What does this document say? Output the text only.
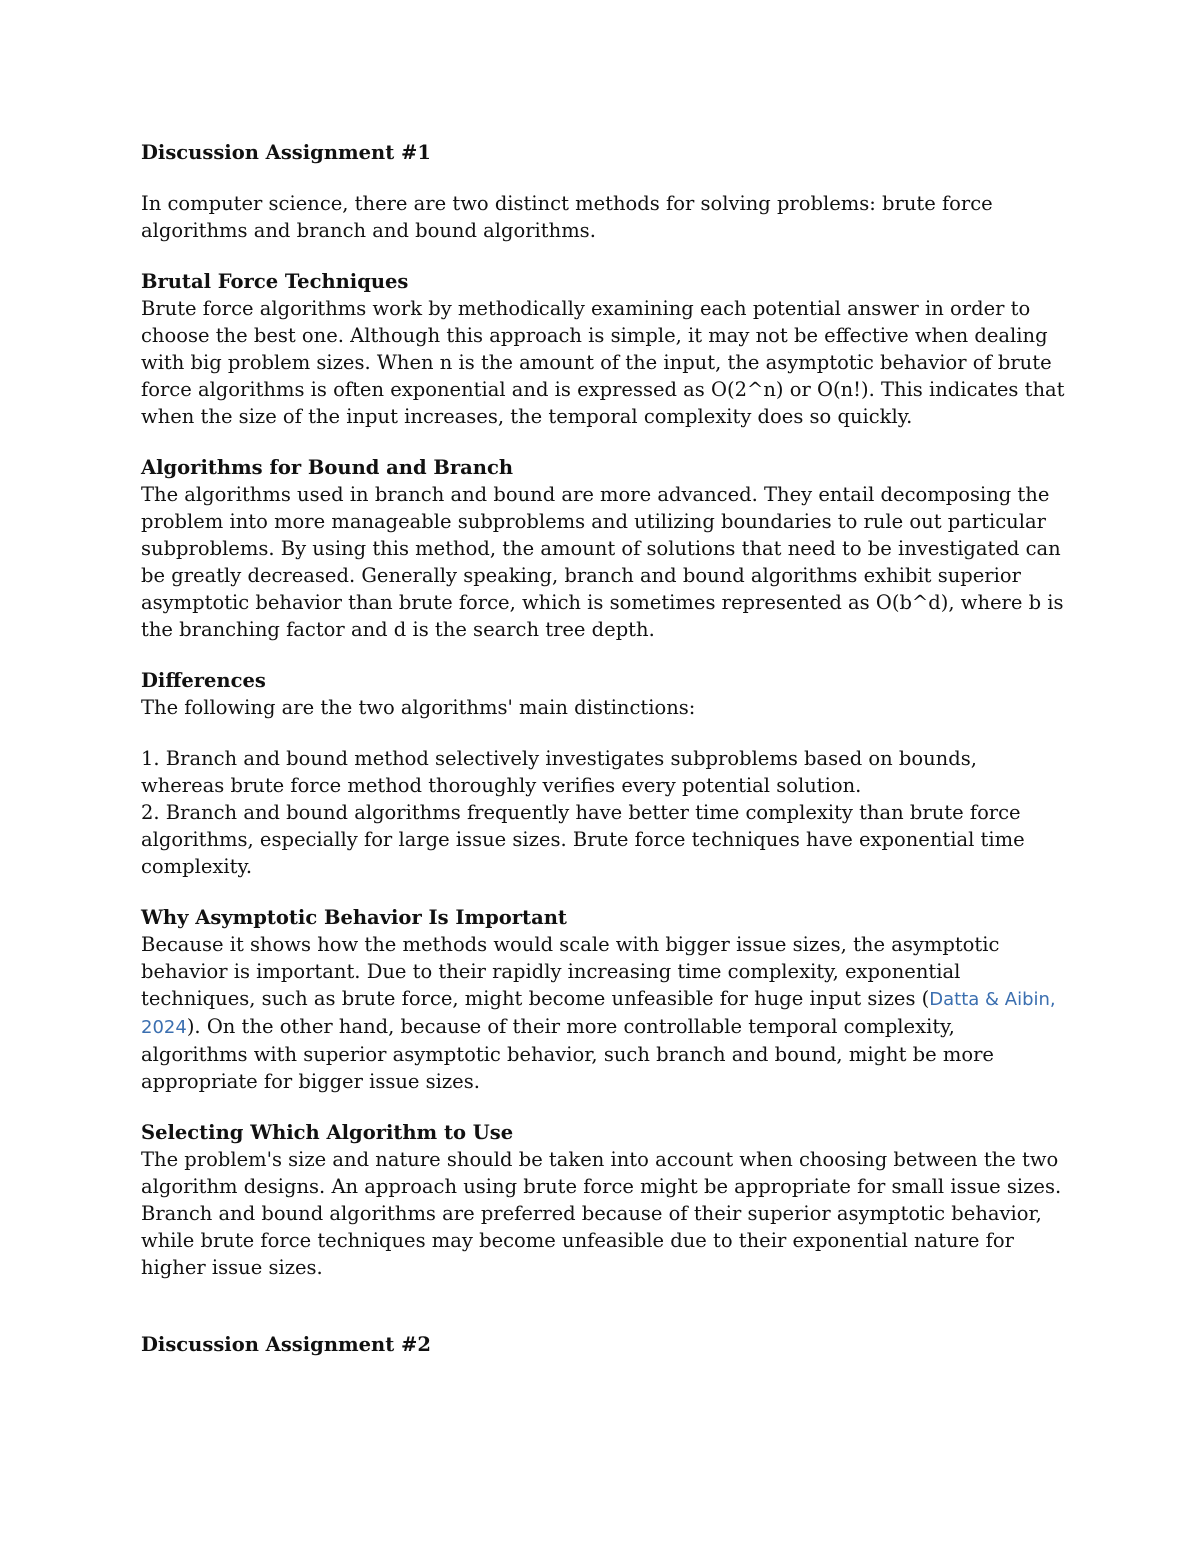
Discussion Assignment #1

In computer science, there are two distinct methods for solving problems: brute force algorithms and branch and bound algorithms.

Brutal Force Techniques

Brute force algorithms work by methodically examining each potential answer in order to choose the best one. Although this approach is simple, it may not be effective when dealing with big problem sizes. When n is the amount of the input, the asymptotic behavior of brute force algorithms is often exponential and is expressed as O(2^n) or O(n!). This indicates that when the size of the input increases, the temporal complexity does so quickly.

Algorithms for Bound and Branch

The algorithms used in branch and bound are more advanced. They entail decomposing the problem into more manageable subproblems and utilizing boundaries to rule out particular subproblems. By using this method, the amount of solutions that need to be investigated can be greatly decreased. Generally speaking, branch and bound algorithms exhibit superior asymptotic behavior than brute force, which is sometimes represented as O(b^d), where b is the branching factor and d is the search tree depth.

Differences

The following are the two algorithms' main distinctions:

1. Branch and bound method selectively investigates subproblems based on bounds, whereas brute force method thoroughly verifies every potential solution.

2. Branch and bound algorithms frequently have better time complexity than brute force algorithms, especially for large issue sizes. Brute force techniques have exponential time complexity.

Why Asymptotic Behavior Is Important

Because it shows how the methods would scale with bigger issue sizes, the asymptotic behavior is important. Due to their rapidly increasing time complexity, exponential techniques, such as brute force, might become unfeasible for huge input sizes (Datta & Aibin, 2024). On the other hand, because of their more controllable temporal complexity, algorithms with superior asymptotic behavior, such branch and bound, might be more appropriate for bigger issue sizes.

Selecting Which Algorithm to Use

The problem's size and nature should be taken into account when choosing between the two algorithm designs. An approach using brute force might be appropriate for small issue sizes. Branch and bound algorithms are preferred because of their superior asymptotic behavior, while brute force techniques may become unfeasible due to their exponential nature for higher issue sizes.

Discussion Assignment #2
